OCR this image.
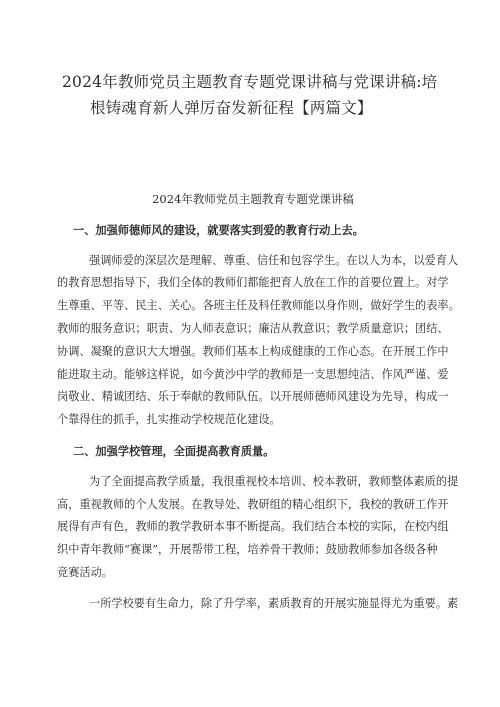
2024年教师党员主题教育专题党课讲稿与党课讲稿:培
根铸魂育新人弹厉奋发新征程【两篇文】
2024年教师党员主题教育专题党课讲稿
一、加强师德师风的建设，就要落实到爱的教育行动上去。
强调师爱的深层次是理解、尊重、信任和包容学生。在以人为本，以爱育人
的教育思想指导下，我们全体的教师们都能把育人放在工作的首要位置上。对学
生尊重、平等、民主、关心。各班主任及科任教师能以身作则，做好学生的表率。
教师的服务意识；职责、为人师表意识；廉洁从教意识；教学质量意识；团结、
协调、凝聚的意识大大增强。教师们基本上构成健康的工作心态。在开展工作中
能进取主动。能够这样说，如今黄沙中学的教师是一支思想纯洁、作风严谨、爱
岗敬业、精诚团结、乐于奉献的教师队伍。以开展师德师风建设为先导，构成一
个靠得住的抓手，扎实推动学校规范化建设。
二、加强学校管理，全面提高教育质量。
为了全面提高教学质量，我很重视校本培训、校本教研，教师整体素质的提
高，重视教师的个人发展。在教导处、教研组的精心组织下，我校的教研工作开
展得有声有色，教师的教学教研本事不断提高。我们结合本校的实际，在校内组
织中青年教师“赛课”，开展帮带工程，培养骨干教师；鼓励教师参加各级各种
竞赛活动。
一所学校要有生命力，除了升学率，素质教育的开展实施显得尤为重要。素
